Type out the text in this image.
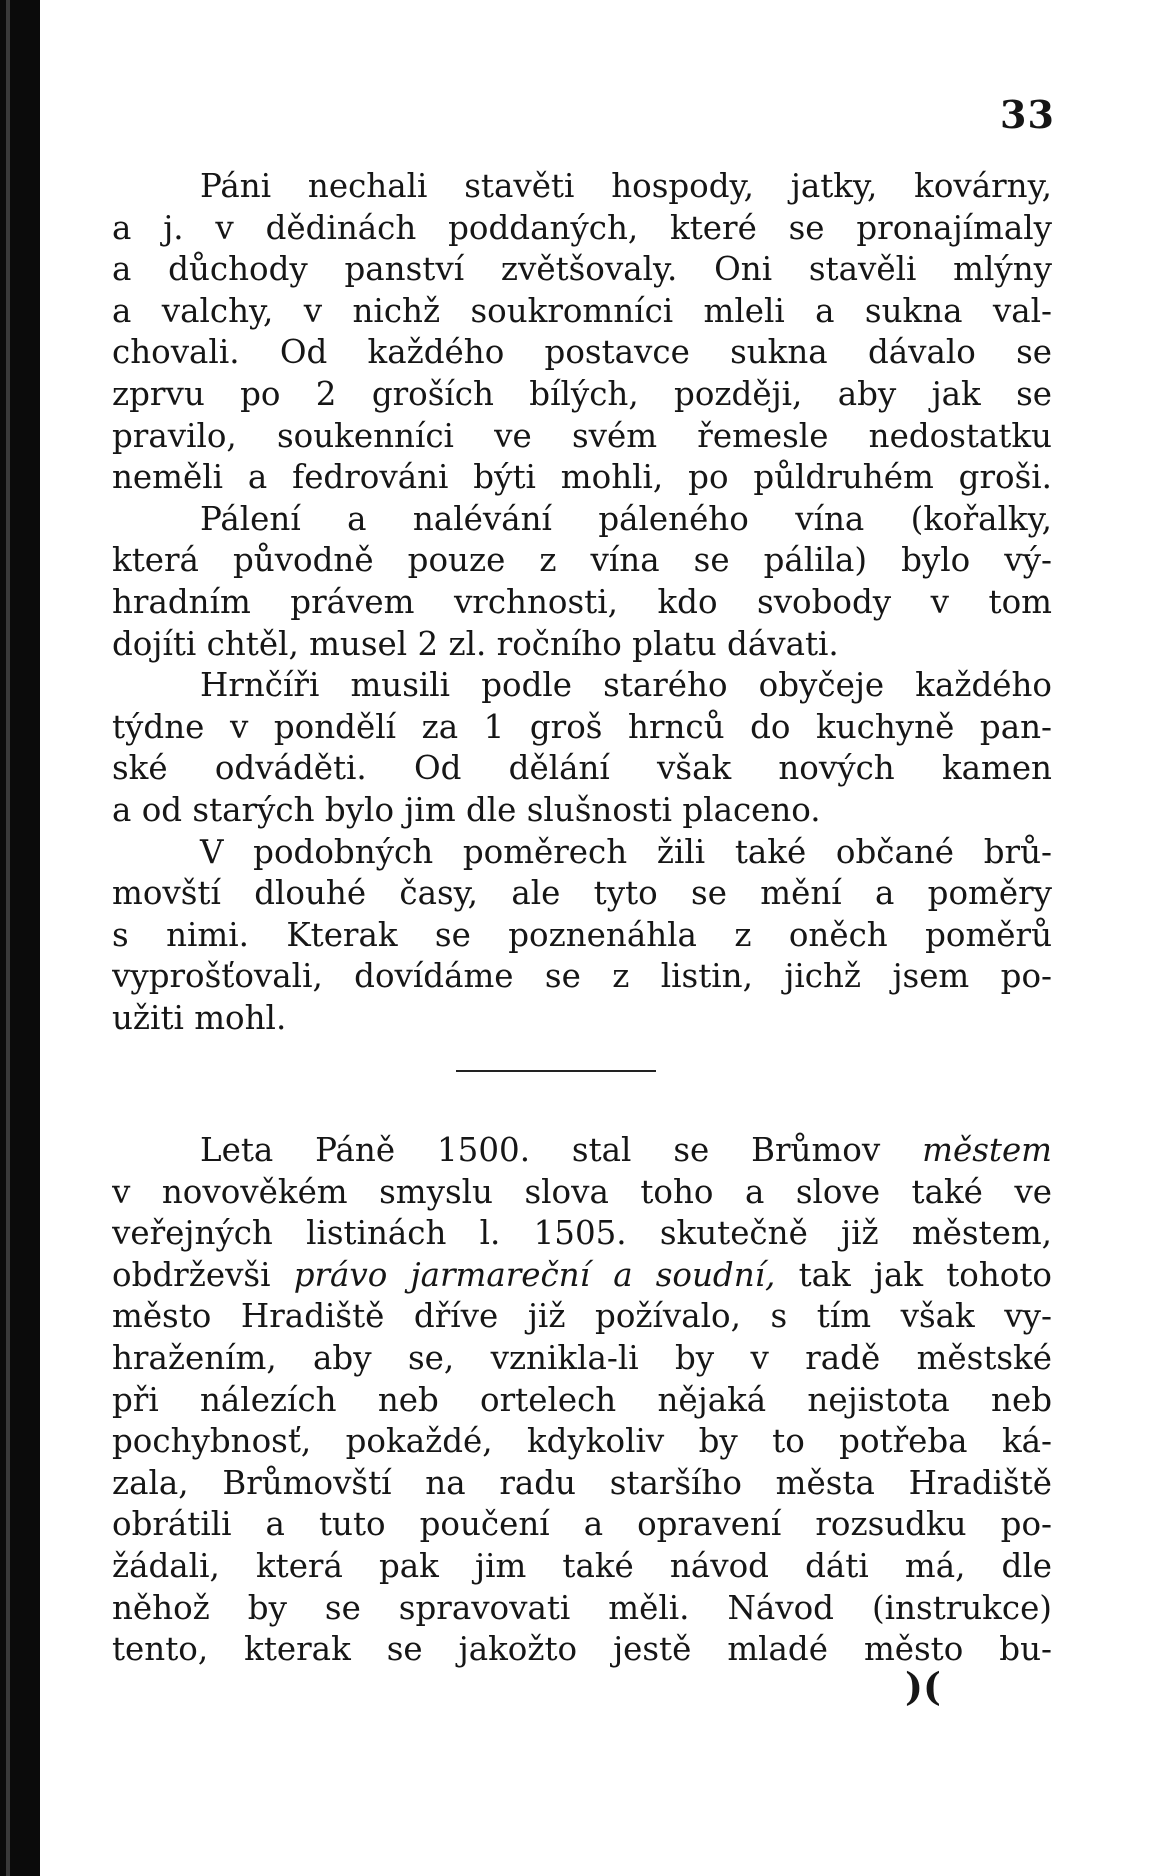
33
Páni nechali stavěti hospody, jatky, kovárny,
a j. v dědinách poddaných, které se pronajímaly
a důchody panství zvětšovaly. Oni stavěli mlýny
a valchy, v nichž soukromníci mleli a sukna val-
chovali. Od každého postavce sukna dávalo se
zprvu po 2 groších bílých, později, aby jak se
pravilo, soukenníci ve svém řemesle nedostatku
neměli a fedrováni býti mohli, po půldruhém groši.
Pálení a nalévání páleného vína (kořalky,
která původně pouze z vína se pálila) bylo vý-
hradním právem vrchnosti, kdo svobody v tom
dojíti chtěl, musel 2 zl. ročního platu dávati.
Hrnčíři musili podle starého obyčeje každého
týdne v pondělí za 1 groš hrnců do kuchyně pan-
ské odváděti. Od dělání však nových kamen
a od starých bylo jim dle slušnosti placeno.
V podobných poměrech žili také občané brů-
movští dlouhé časy, ale tyto se mění a poměry
s nimi. Kterak se poznenáhla z oněch poměrů
vyprošťovali, dovídáme se z listin, jichž jsem po-
užiti mohl.
Leta Páně 1500. stal se Brůmov městem
v novověkém smyslu slova toho a slove také ve
veřejných listinách l. 1505. skutečně již městem,
obdrževši právo jarmareční a soudní, tak jak tohoto
město Hradiště dříve již požívalo, s tím však vy-
hražením, aby se, vznikla-li by v radě městské
při nálezích neb ortelech nějaká nejistota neb
pochybnosť, pokaždé, kdykoliv by to potřeba ká-
zala, Brůmovští na radu staršího města Hradiště
obrátili a tuto poučení a opravení rozsudku po-
žádali, která pak jim také návod dáti má, dle
něhož by se spravovati měli. Návod (instrukce)
tento, kterak se jakožto jestě mladé město bu-
)(
